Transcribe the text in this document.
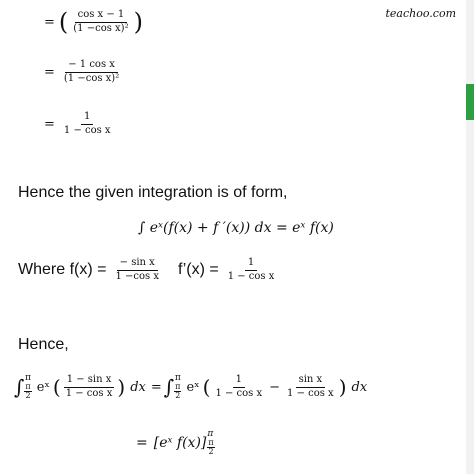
teachoo.com
= ( $\frac{\text{cos x − 1}}{\text{(1 −cos x)²}}$ )
= $\frac{\text{− 1 cos x}}{\text{(1 −cos x)²}}$
= $\frac{1}{\text{1 − cos x}}$
Hence the given integration is of form,
∫ eˣ(f(x) + f ′(x)) dx = eˣ f(x)
Where $f(x) = \frac{\text{− sin x}}{\text{1 −cos x}}$ f’(x) = $\frac{1}{\text{1 − cos x}}$
Hence,
∫ π
$\frac{\pi}{2}$ eˣ ( $\frac{\text{1 − sin x}}{\text{1 − cos x}}$ ) dx = ∫ π
$\frac{\pi}{2}$ eˣ ( $\frac{1}{\text{1 − cos x}} - \frac{\text{sin x}}{\text{1 − cos x}}$ ) dx
= [eˣ f(x)]
π
$\frac{\pi}{2}$
